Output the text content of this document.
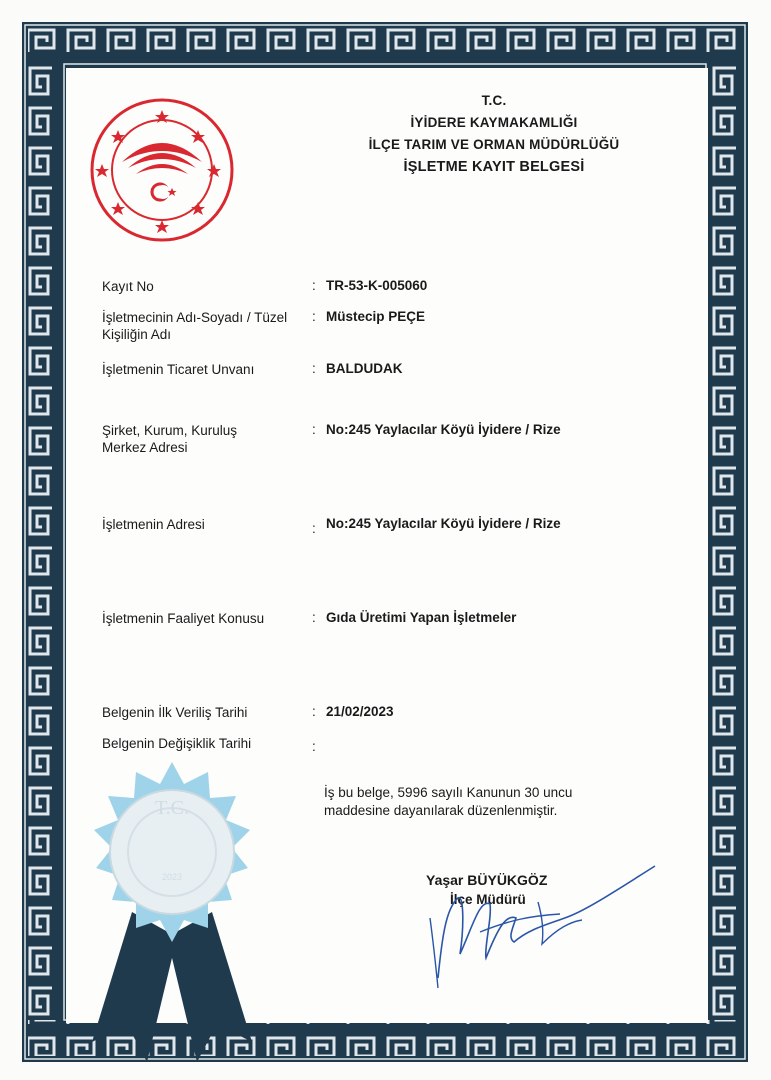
T.C.
İYİDERE KAYMAKAMLIĞI
İLÇE TARIM VE ORMAN MÜDÜRLÜĞÜ
İŞLETME KAYIT BELGESİ
Kayıt No	: TR-53-K-005060
İşletmecinin Adı-Soyadı / Tüzel Kişiliğin Adı
: Müstecip PEÇE
İşletmenin Ticaret Unvanı	: BALDUDAK
Şirket, Kurum, Kuruluş Merkez Adresi
: No:245 Yaylacılar Köyü İyidere / Rize
İşletmenin Adresi	: No:245 Yaylacılar Köyü İyidere / Rize
İşletmenin Faaliyet Konusu	: Gıda Üretimi Yapan İşletmeler
Belgenin İlk Veriliş Tarihi	: 21/02/2023
Belgenin Değişiklik Tarihi	:
İş bu belge, 5996 sayılı Kanunun 30 uncu maddesine dayanılarak düzenlenmiştir.
Yaşar BÜYÜKGÖZ
İlçe Müdürü
T.C.
2023
